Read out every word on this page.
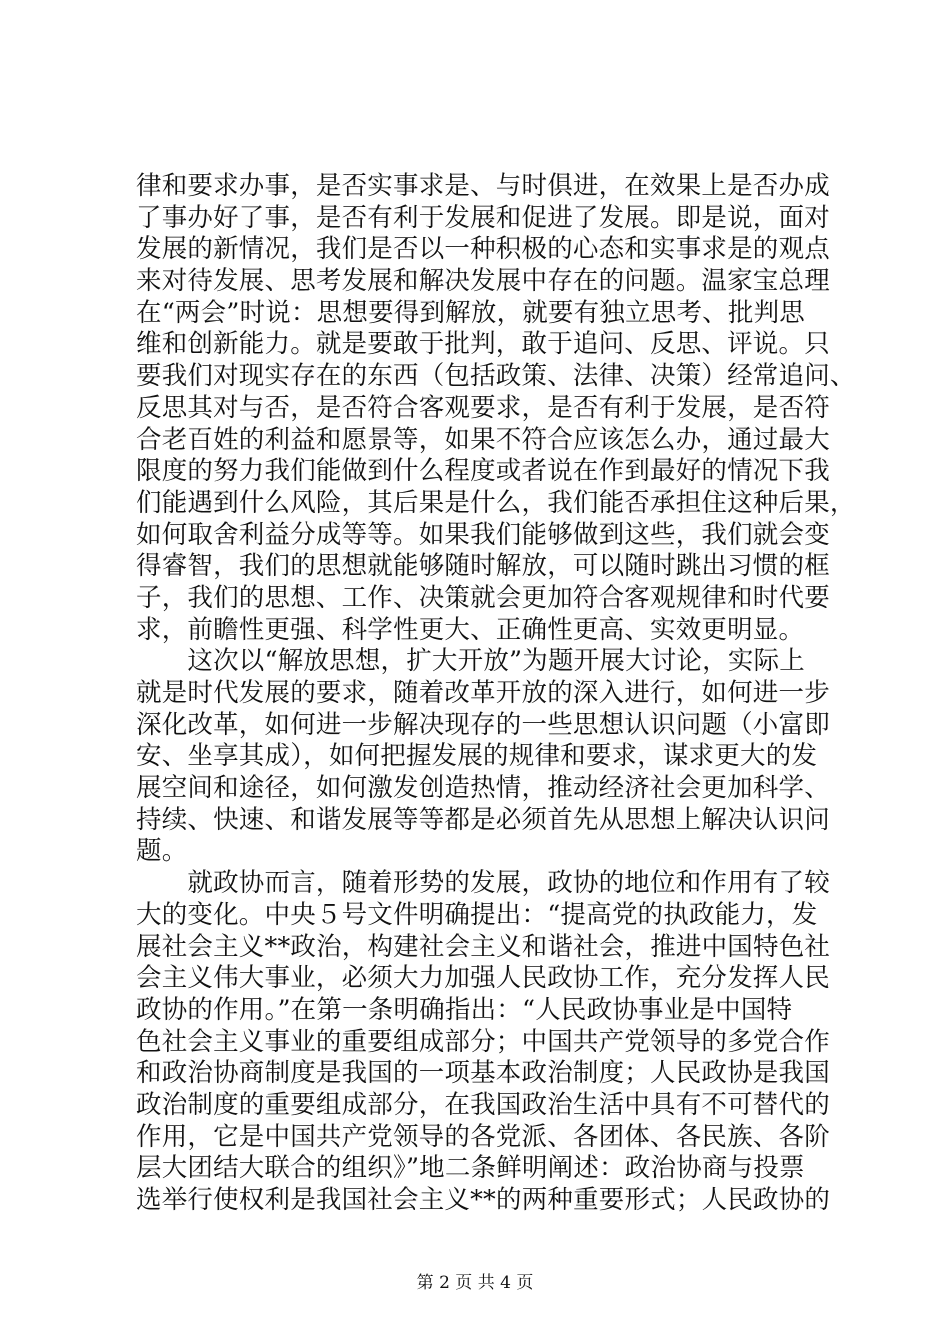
律和要求办事，是否实事求是、与时俱进，在效果上是否办成
了事办好了事，是否有利于发展和促进了发展。即是说，面对
发展的新情况，我们是否以一种积极的心态和实事求是的观点
来对待发展、思考发展和解决发展中存在的问题。温家宝总理
在“两会”时说：思想要得到解放，就要有独立思考、批判思
维和创新能力。就是要敢于批判，敢于追问、反思、评说。只
要我们对现实存在的东西（包括政策、法律、决策）经常追问、
反思其对与否，是否符合客观要求，是否有利于发展，是否符
合老百姓的利益和愿景等，如果不符合应该怎么办，通过最大
限度的努力我们能做到什么程度或者说在作到最好的情况下我
们能遇到什么风险，其后果是什么，我们能否承担住这种后果，
如何取舍利益分成等等。如果我们能够做到这些，我们就会变
得睿智，我们的思想就能够随时解放，可以随时跳出习惯的框
子，我们的思想、工作、决策就会更加符合客观规律和时代要
求，前瞻性更强、科学性更大、正确性更高、实效更明显。
　　这次以“解放思想，扩大开放”为题开展大讨论，实际上
就是时代发展的要求，随着改革开放的深入进行，如何进一步
深化改革，如何进一步解决现存的一些思想认识问题（小富即
安、坐享其成），如何把握发展的规律和要求，谋求更大的发
展空间和途径，如何激发创造热情，推动经济社会更加科学、
持续、快速、和谐发展等等都是必须首先从思想上解决认识问
题。
　　就政协而言，随着形势的发展，政协的地位和作用有了较
大的变化。中央５号文件明确提出：“提高党的执政能力，发
展社会主义**政治，构建社会主义和谐社会，推进中国特色社
会主义伟大事业，必须大力加强人民政协工作，充分发挥人民
政协的作用。”在第一条明确指出：“人民政协事业是中国特
色社会主义事业的重要组成部分；中国共产党领导的多党合作
和政治协商制度是我国的一项基本政治制度；人民政协是我国
政治制度的重要组成部分，在我国政治生活中具有不可替代的
作用，它是中国共产党领导的各党派、各团体、各民族、各阶
层大团结大联合的组织》”地二条鲜明阐述：政治协商与投票
选举行使权利是我国社会主义**的两种重要形式；人民政协的
第 2 页 共 4 页
